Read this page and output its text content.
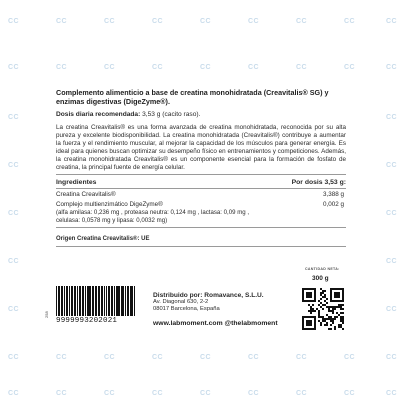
CC	CC	CC	CC	CC	CC	CC	CC	CC
CC	CC	CC	CC	CC	CC	CC	CC	CC
CC	CC
CC	CC
CC	CC
CC	CC
CC	CC
CC	CC	CC	CC	CC	CC	CC	CC	CC
CC	CC	CC	CC	CC	CC	CC	CC	CC
Complemento alimenticio a base de creatina monohidratada (Creavitalis® SG) y enzimas digestivas (DigeZyme®).
Dosis diaria recomendada: 3,53 g (cacito raso).
La creatina Creavitalis® es una forma avanzada de creatina monohidratada, reconocida por su alta pureza y excelente biodisponibilidad. La creatina monohidratada (Creavitalis®) contribuye a aumentar la fuerza y el rendimiento muscular, al mejorar la capacidad de los músculos para generar energía. Es ideal para quienes buscan optimizar su desempeño físico en entrenamientos y competiciones. Además, la creatina monohidratada Creavitalis® es un componente esencial para la formación de fosfato de creatina, la principal fuente de energía celular.
Ingredientes	Por dosis 3,53 g:
Creatina Creavitalis®	3,388 g
Complejo multienzimático DigeZyme®	0,002 g
(alfa amilasa: 0,236 mg , proteasa neutra: 0,124 mg , lactasa: 0,09 mg ,
celulasa: 0,0578 mg y lipasa: 0,0032 mg)
Origen Creatina Creavitalis®: UE
CANTIDAD NETA:
300 g
258
9999993202021
Distribuido por: Romavance, S.L.U.
Av. Diagonal 630, 2-2
08017 Barcelona, España
www.labmoment.com @thelabmoment
